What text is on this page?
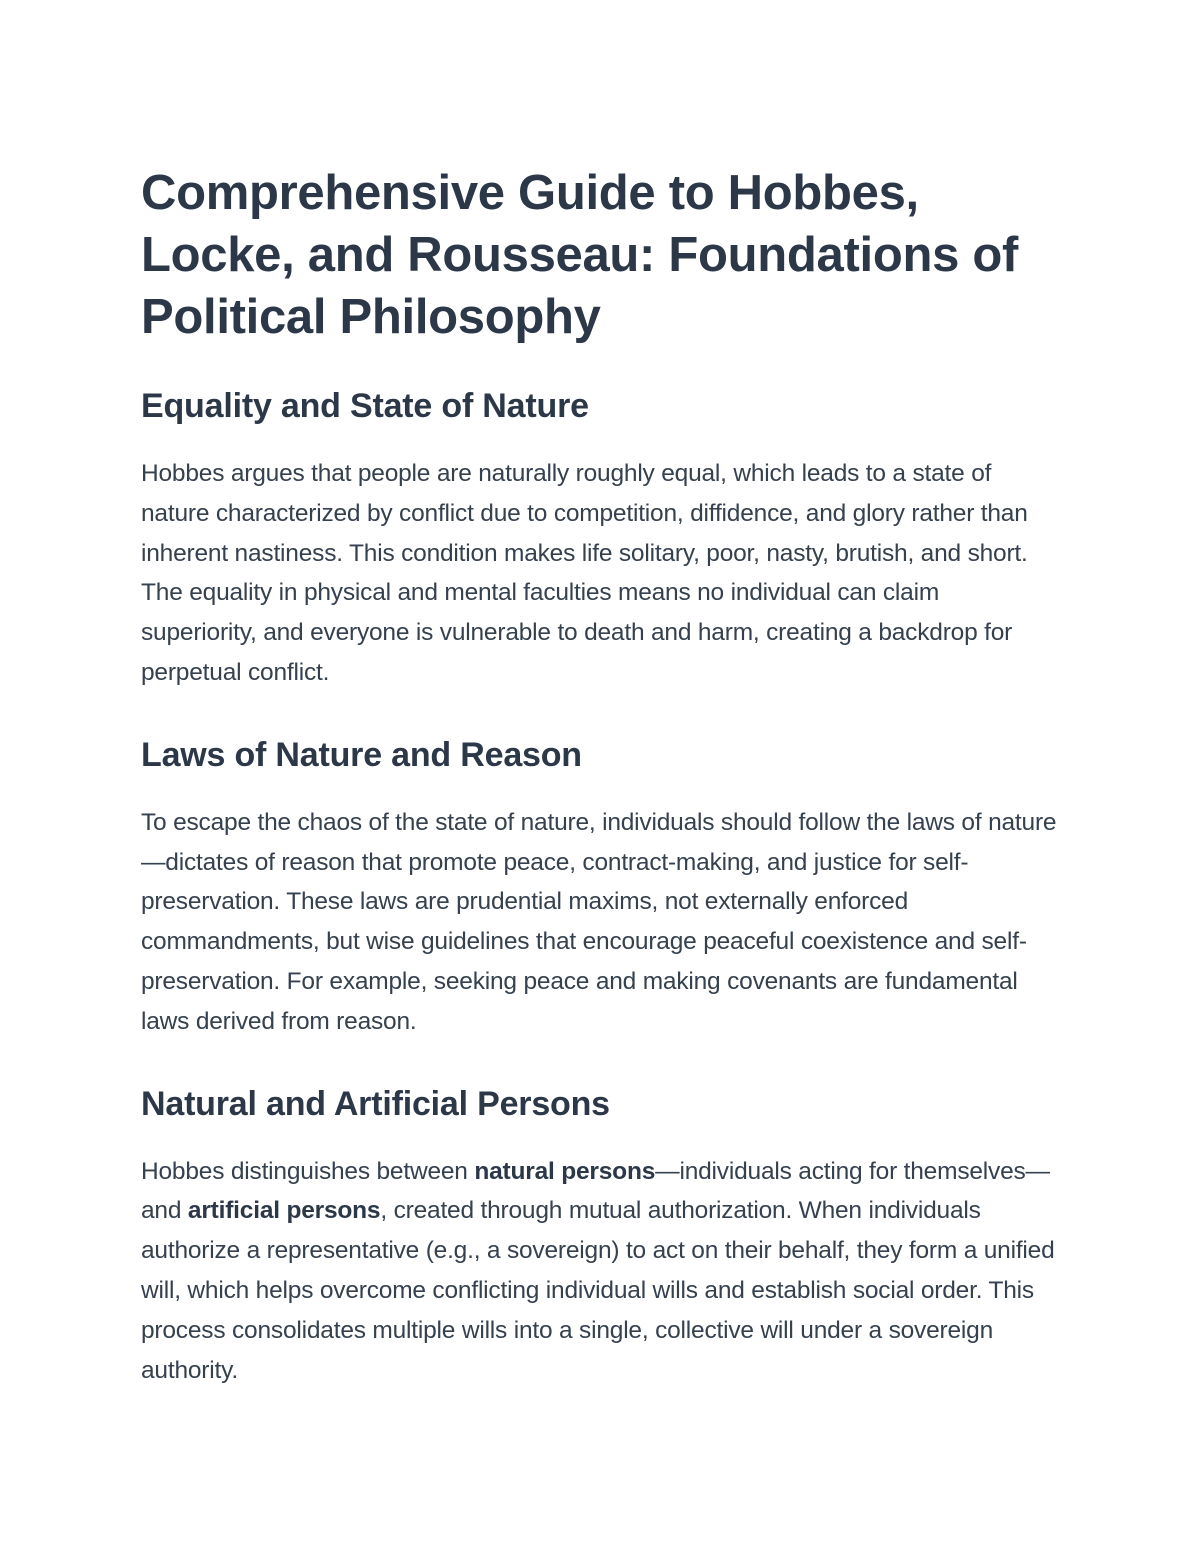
Comprehensive Guide to Hobbes, Locke, and Rousseau: Foundations of Political Philosophy
Equality and State of Nature

Hobbes argues that people are naturally roughly equal, which leads to a state of nature characterized by conflict due to competition, diffidence, and glory rather than inherent nastiness. This condition makes life solitary, poor, nasty, brutish, and short. The equality in physical and mental faculties means no individual can claim superiority, and everyone is vulnerable to death and harm, creating a backdrop for perpetual conflict.

Laws of Nature and Reason

To escape the chaos of the state of nature, individuals should follow the laws of nature—dictates of reason that promote peace, contract-making, and justice for self-preservation. These laws are prudential maxims, not externally enforced commandments, but wise guidelines that encourage peaceful coexistence and self-preservation. For example, seeking peace and making covenants are fundamental laws derived from reason.

Natural and Artificial Persons

Hobbes distinguishes between natural persons—individuals acting for themselves—and artificial persons, created through mutual authorization. When individuals authorize a representative (e.g., a sovereign) to act on their behalf, they form a unified will, which helps overcome conflicting individual wills and establish social order. This process consolidates multiple wills into a single, collective will under a sovereign authority.
